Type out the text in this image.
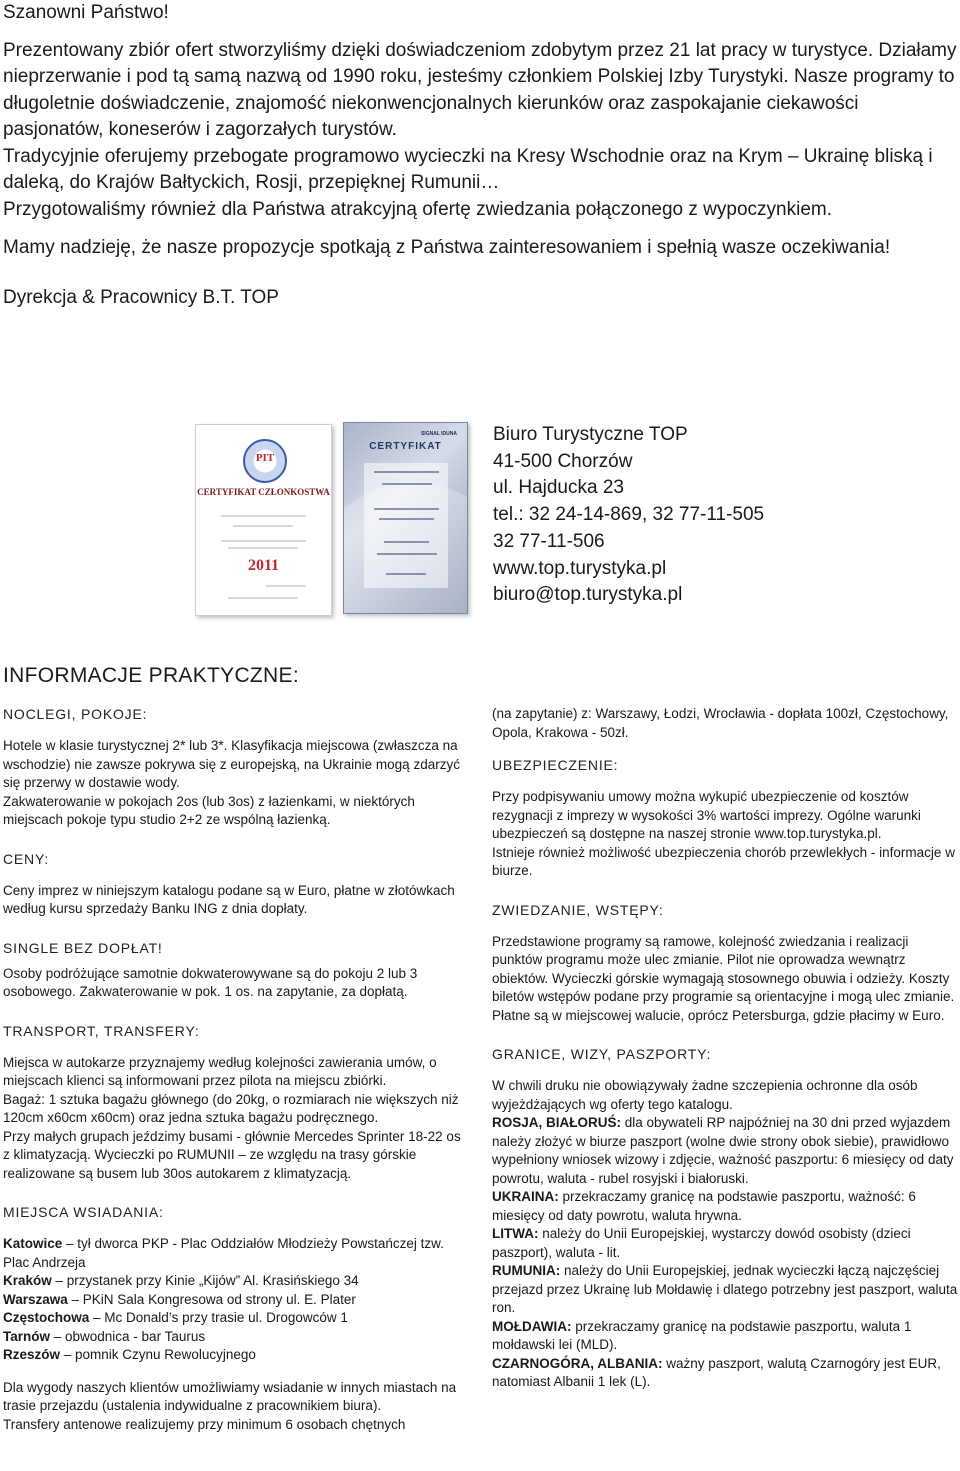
Szanowni Państwo!

Prezentowany zbiór ofert stworzyliśmy dzięki doświadczeniom zdobytym przez 21 lat pracy w turystyce. Działamy nieprzerwanie i pod tą samą nazwą od 1990 roku, jesteśmy członkiem Polskiej Izby Turystyki. Nasze programy to długoletnie doświadczenie, znajomość niekonwencjonalnych kierunków oraz zaspokajanie ciekawości pasjonatów, koneserów i zagorzałych turystów.

Tradycyjnie oferujemy przebogate programowo wycieczki na Kresy Wschodnie oraz na Krym – Ukrainę bliską i daleką, do Krajów Bałtyckich, Rosji, przepięknej Rumunii…

Przygotowaliśmy również dla Państwa atrakcyjną ofertę zwiedzania połączonego z wypoczynkiem.

Mamy nadzieję, że nasze propozycje spotkają z Państwa zainteresowaniem i spełnią wasze oczekiwania!

Dyrekcja & Pracownicy B.T. TOP

PIT
CERTYFIKAT CZŁONKOSTWA
2011
SIGNAL IDUNA
CERTYFIKAT
Biuro Turystyczne TOP
41-500 Chorzów
ul. Hajducka 23
tel.: 32 24-14-869, 32 77-11-505
32 77-11-506
www.top.turystyka.pl
biuro@top.turystyka.pl
INFORMACJE PRAKTYCZNE:
NOCLEGI, POKOJE:

Hotele w klasie turystycznej 2* lub 3*. Klasyfikacja miejscowa (zwłaszcza na wschodzie) nie zawsze pokrywa się z europejską, na Ukrainie mogą zdarzyć się przerwy w dostawie wody.

Zakwaterowanie w pokojach 2os (lub 3os) z łazienkami, w niektórych miejscach pokoje typu studio 2+2 ze wspólną łazienką.

CENY:

Ceny imprez w niniejszym katalogu podane są w Euro, płatne w złotówkach według kursu sprzedaży Banku ING z dnia dopłaty.

SINGLE BEZ DOPŁAT!

Osoby podróżujące samotnie dokwaterowywane są do pokoju 2 lub 3 osobowego. Zakwaterowanie w pok. 1 os. na zapytanie, za dopłatą.

TRANSPORT, TRANSFERY:

Miejsca w autokarze przyznajemy według kolejności zawierania umów, o miejscach klienci są informowani przez pilota na miejscu zbiórki.

Bagaż: 1 sztuka bagażu głównego (do 20kg, o rozmiarach nie większych niż 120cm x60cm x60cm) oraz jedna sztuka bagażu podręcznego.

Przy małych grupach jeździmy busami - głównie Mercedes Sprinter 18-22 os z klimatyzacją. Wycieczki po RUMUNII – ze względu na trasy górskie realizowane są busem lub 30os autokarem z klimatyzacją.

MIEJSCA WSIADANIA:
Katowice – tył dworca PKP - Plac Oddziałów Młodzieży Powstańczej tzw. Plac Andrzeja
Kraków – przystanek przy Kinie „Kijów” Al. Krasińskiego 34
Warszawa – PKiN Sala Kongresowa od strony ul. E. Plater
Częstochowa – Mc Donald’s przy trasie ul. Drogowców 1
Tarnów – obwodnica - bar Taurus
Rzeszów – pomnik Czynu Rewolucyjnego

Dla wygody naszych klientów umożliwiamy wsiadanie w innych miastach na trasie przejazdu (ustalenia indywidualne z pracownikiem biura).

Transfery antenowe realizujemy przy minimum 6 osobach chętnych

(na zapytanie) z: Warszawy, Łodzi, Wrocławia - dopłata 100zł, Częstochowy, Opola, Krakowa - 50zł.

UBEZPIECZENIE:

Przy podpisywaniu umowy można wykupić ubezpieczenie od kosztów rezygnacji z imprezy w wysokości 3% wartości imprezy. Ogólne warunki ubezpieczeń są dostępne na naszej stronie www.top.turystyka.pl.

Istnieje również możliwość ubezpieczenia chorób przewlekłych - informacje w biurze.

ZWIEDZANIE, WSTĘPY:

Przedstawione programy są ramowe, kolejność zwiedzania i realizacji punktów programu może ulec zmianie. Pilot nie oprowadza wewnątrz obiektów. Wycieczki górskie wymagają stosownego obuwia i odzieży. Koszty biletów wstępów podane przy programie są orientacyjne i mogą ulec zmianie. Płatne są w miejscowej walucie, oprócz Petersburga, gdzie płacimy w Euro.

GRANICE, WIZY, PASZPORTY:

W chwili druku nie obowiązywały żadne szczepienia ochronne dla osób wyjeżdżających wg oferty tego katalogu.

ROSJA, BIAŁORUŚ: dla obywateli RP najpóźniej na 30 dni przed wyjazdem należy złożyć w biurze paszport (wolne dwie strony obok siebie), prawidłowo wypełniony wniosek wizowy i zdjęcie, ważność paszportu: 6 miesięcy od daty powrotu, waluta - rubel rosyjski i białoruski.

UKRAINA: przekraczamy granicę na podstawie paszportu, ważność: 6 miesięcy od daty powrotu, waluta hrywna.

LITWA: należy do Unii Europejskiej, wystarczy dowód osobisty (dzieci paszport), waluta - lit.

RUMUNIA: należy do Unii Europejskiej, jednak wycieczki łączą najczęściej przejazd przez Ukrainę lub Mołdawię i dlatego potrzebny jest paszport, waluta ron.

MOŁDAWIA: przekraczamy granicę na podstawie paszportu, waluta 1 mołdawski lei (MLD).

CZARNOGÓRA, ALBANIA: ważny paszport, walutą Czarnogóry jest EUR, natomiast Albanii 1 lek (L).
